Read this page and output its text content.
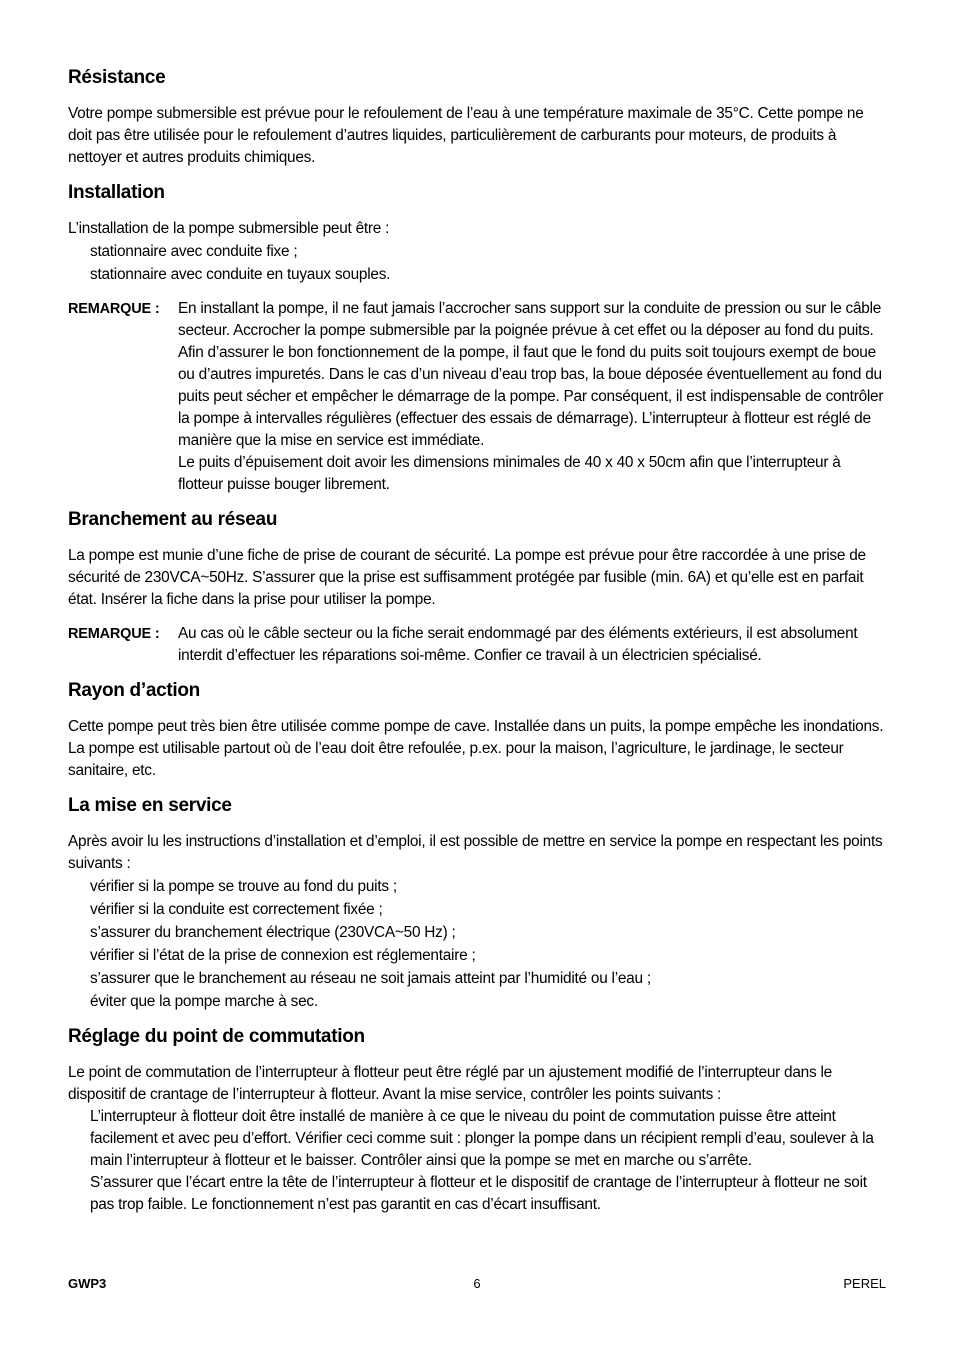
Résistance

Votre pompe submersible est prévue pour le refoulement de l’eau à une température maximale de 35°C. Cette pompe ne doit pas être utilisée pour le refoulement d’autres liquides, particulièrement de carburants pour moteurs, de produits à nettoyer et autres produits chimiques.

Installation

L’installation de la pompe submersible peut être :

stationnaire avec conduite fixe ;
stationnaire avec conduite en tuyaux souples.
REMARQUE :	En installant la pompe, il ne faut jamais l’accrocher sans support sur la conduite de pression ou sur le câble secteur. Accrocher la pompe submersible par la poignée prévue à cet effet ou la déposer au fond du puits. Afin d’assurer le bon fonctionnement de la pompe, il faut que le fond du puits soit toujours exempt de boue ou d’autres impuretés. Dans le cas d’un niveau d’eau trop bas, la boue déposée éventuellement au fond du puits peut sécher et empêcher le démarrage de la pompe. Par conséquent, il est indispensable de contrôler la pompe à intervalles régulières (effectuer des essais de démarrage). L’interrupteur à flotteur est réglé de manière que la mise en service est immédiate.
Le puits d’épuisement doit avoir les dimensions minimales de 40 x 40 x 50cm afin que l’interrupteur à flotteur puisse bouger librement.
Branchement au réseau

La pompe est munie d’une fiche de prise de courant de sécurité. La pompe est prévue pour être raccordée à une prise de sécurité de 230VCA~50Hz. S’assurer que la prise est suffisamment protégée par fusible (min. 6A) et qu’elle est en parfait état. Insérer la fiche dans la prise pour utiliser la pompe.

REMARQUE :	Au cas où le câble secteur ou la fiche serait endommagé par des éléments extérieurs, il est absolument interdit d’effectuer les réparations soi-même. Confier ce travail à un électricien spécialisé.
Rayon d’action

Cette pompe peut très bien être utilisée comme pompe de cave. Installée dans un puits, la pompe empêche les inondations. La pompe est utilisable partout où de l’eau doit être refoulée, p.ex. pour la maison, l’agriculture, le jardinage, le secteur sanitaire, etc.

La mise en service

Après avoir lu les instructions d’installation et d’emploi, il est possible de mettre en service la pompe en respectant les points suivants :

vérifier si la pompe se trouve au fond du puits ;
vérifier si la conduite est correctement fixée ;
s’assurer du branchement électrique (230VCA~50 Hz) ;
vérifier si l’état de la prise de connexion est réglementaire ;
s’assurer que le branchement au réseau ne soit jamais atteint par l’humidité ou l’eau ;
éviter que la pompe marche à sec.
Réglage du point de commutation

Le point de commutation de l’interrupteur à flotteur peut être réglé par un ajustement modifié de l’interrupteur dans le dispositif de crantage de l’interrupteur à flotteur. Avant la mise service, contrôler les points suivants :

L’interrupteur à flotteur doit être installé de manière à ce que le niveau du point de commutation puisse être atteint facilement et avec peu d’effort. Vérifier ceci comme suit : plonger la pompe dans un récipient rempli d’eau, soulever à la main l’interrupteur à flotteur et le baisser. Contrôler ainsi que la pompe se met en marche ou s’arrête.
S’assurer que l’écart entre la tête de l’interrupteur à flotteur et le dispositif de crantage de l’interrupteur à flotteur ne soit pas trop faible. Le fonctionnement n’est pas garantit en cas d’écart insuffisant.
GWP3	6	PEREL
